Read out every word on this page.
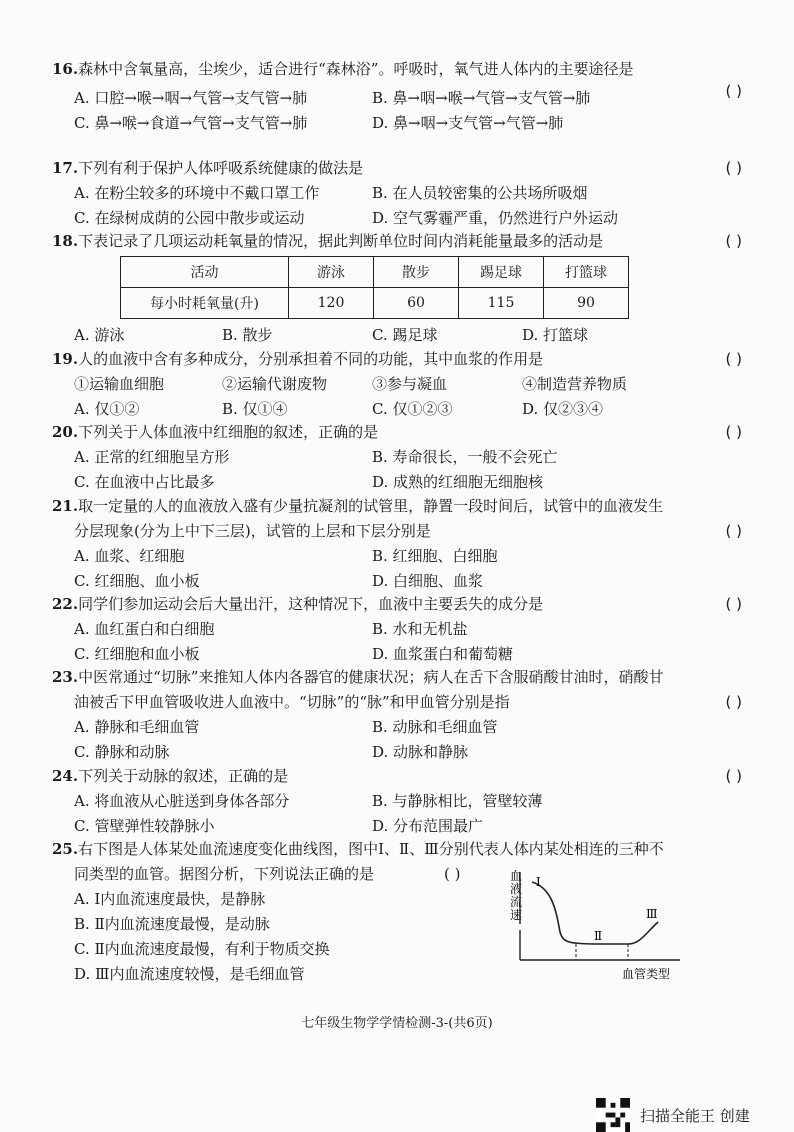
16.森林中含氧量高，尘埃少，适合进行“森林浴”。呼吸时，氧气进人体内的主要途径是
( )
A. 口腔→喉→咽→气管→支气管→肺	B. 鼻→咽→喉→气管→支气管→肺
C. 鼻→喉→食道→气管→支气管→肺	D. 鼻→咽→支气管→气管→肺
17.下列有利于保护人体呼吸系统健康的做法是	( )
A. 在粉尘较多的环境中不戴口罩工作	B. 在人员较密集的公共场所吸烟
C. 在绿树成荫的公园中散步或运动	D. 空气雾霾严重，仍然进行户外运动
18.下表记录了几项运动耗氧量的情况，据此判断单位时间内消耗能量最多的活动是	( )
活动	游泳	散步	踢足球	打篮球
每小时耗氧量(升)	120	60	115	90
A. 游泳	B. 散步	C. 踢足球	D. 打篮球
19.人的血液中含有多种成分，分别承担着不同的功能，其中血浆的作用是	( )
①运输血细胞	②运输代谢废物	③参与凝血	④制造营养物质
A. 仅①②	B. 仅①④	C. 仅①②③	D. 仅②③④
20.下列关于人体血液中红细胞的叙述，正确的是	( )
A. 正常的红细胞呈方形	B. 寿命很长，一般不会死亡
C. 在血液中占比最多	D. 成熟的红细胞无细胞核
21.取一定量的人的血液放入盛有少量抗凝剂的试管里，静置一段时间后，试管中的血液发生
分层现象(分为上中下三层)，试管的上层和下层分别是	( )
A. 血浆、红细胞	B. 红细胞、白细胞
C. 红细胞、血小板	D. 白细胞、血浆
22.同学们参加运动会后大量出汗，这种情况下，血液中主要丢失的成分是	( )
A. 血红蛋白和白细胞	B. 水和无机盐
C. 红细胞和血小板	D. 血浆蛋白和葡萄糖
23.中医常通过“切脉”来推知人体内各器官的健康状况；病人在舌下含服硝酸甘油时，硝酸甘
油被舌下甲血管吸收进人血液中。“切脉”的“脉”和甲血管分别是指	( )
A. 静脉和毛细血管	B. 动脉和毛细血管
C. 静脉和动脉	D. 动脉和静脉
24.下列关于动脉的叙述，正确的是	( )
A. 将血液从心脏送到身体各部分	B. 与静脉相比，管壁较薄
C. 管壁弹性较静脉小	D. 分布范围最广
25.右下图是人体某处血流速度变化曲线图，图中Ⅰ、Ⅱ、Ⅲ分别代表人体内某处相连的三种不
同类型的血管。据图分析，下列说法正确的是	( )
A. Ⅰ内血流速度最快，是静脉
B. Ⅱ内血流速度最慢，是动脉
C. Ⅱ内血流速度最慢，有利于物质交换
D. Ⅲ内血流速度较慢，是毛细血管
血
液
流
速
Ⅰ
Ⅱ
Ⅲ
血管类型
七年级生物学学情检测-3-(共6页)
扫描全能王 创建
